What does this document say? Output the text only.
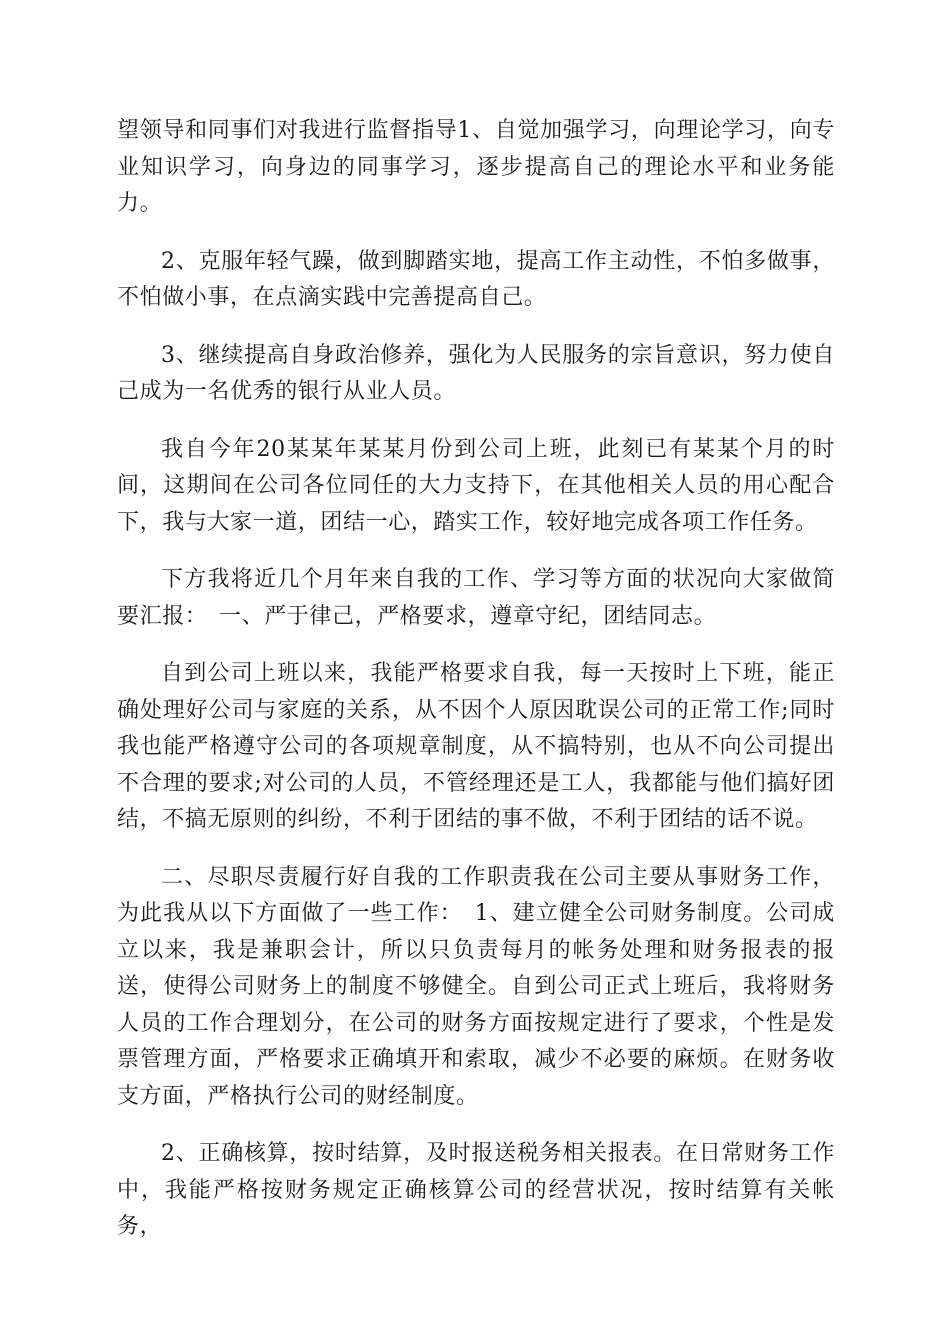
望领导和同事们对我进行监督指导1、自觉加强学习，向理论学习，向专业知识学习，向身边的同事学习，逐步提高自己的理论水平和业务能力。

2、克服年轻气躁，做到脚踏实地，提高工作主动性，不怕多做事，不怕做小事，在点滴实践中完善提高自己。

3、继续提高自身政治修养，强化为人民服务的宗旨意识，努力使自己成为一名优秀的银行从业人员。

我自今年20某某年某某月份到公司上班，此刻已有某某个月的时间，这期间在公司各位同任的大力支持下，在其他相关人员的用心配合下，我与大家一道，团结一心，踏实工作，较好地完成各项工作任务。

下方我将近几个月年来自我的工作、学习等方面的状况向大家做简要汇报：　一、严于律己，严格要求，遵章守纪，团结同志。

自到公司上班以来，我能严格要求自我，每一天按时上下班，能正确处理好公司与家庭的关系，从不因个人原因耽误公司的正常工作;同时我也能严格遵守公司的各项规章制度，从不搞特别，也从不向公司提出不合理的要求;对公司的人员，不管经理还是工人，我都能与他们搞好团结，不搞无原则的纠纷，不利于团结的事不做，不利于团结的话不说。

二、尽职尽责履行好自我的工作职责我在公司主要从事财务工作，为此我从以下方面做了一些工作：　1、建立健全公司财务制度。公司成立以来，我是兼职会计，所以只负责每月的帐务处理和财务报表的报送，使得公司财务上的制度不够健全。自到公司正式上班后，我将财务人员的工作合理划分，在公司的财务方面按规定进行了要求，个性是发票管理方面，严格要求正确填开和索取，减少不必要的麻烦。在财务收支方面，严格执行公司的财经制度。

2、正确核算，按时结算，及时报送税务相关报表。在日常财务工作中，我能严格按财务规定正确核算公司的经营状况，按时结算有关帐务，
